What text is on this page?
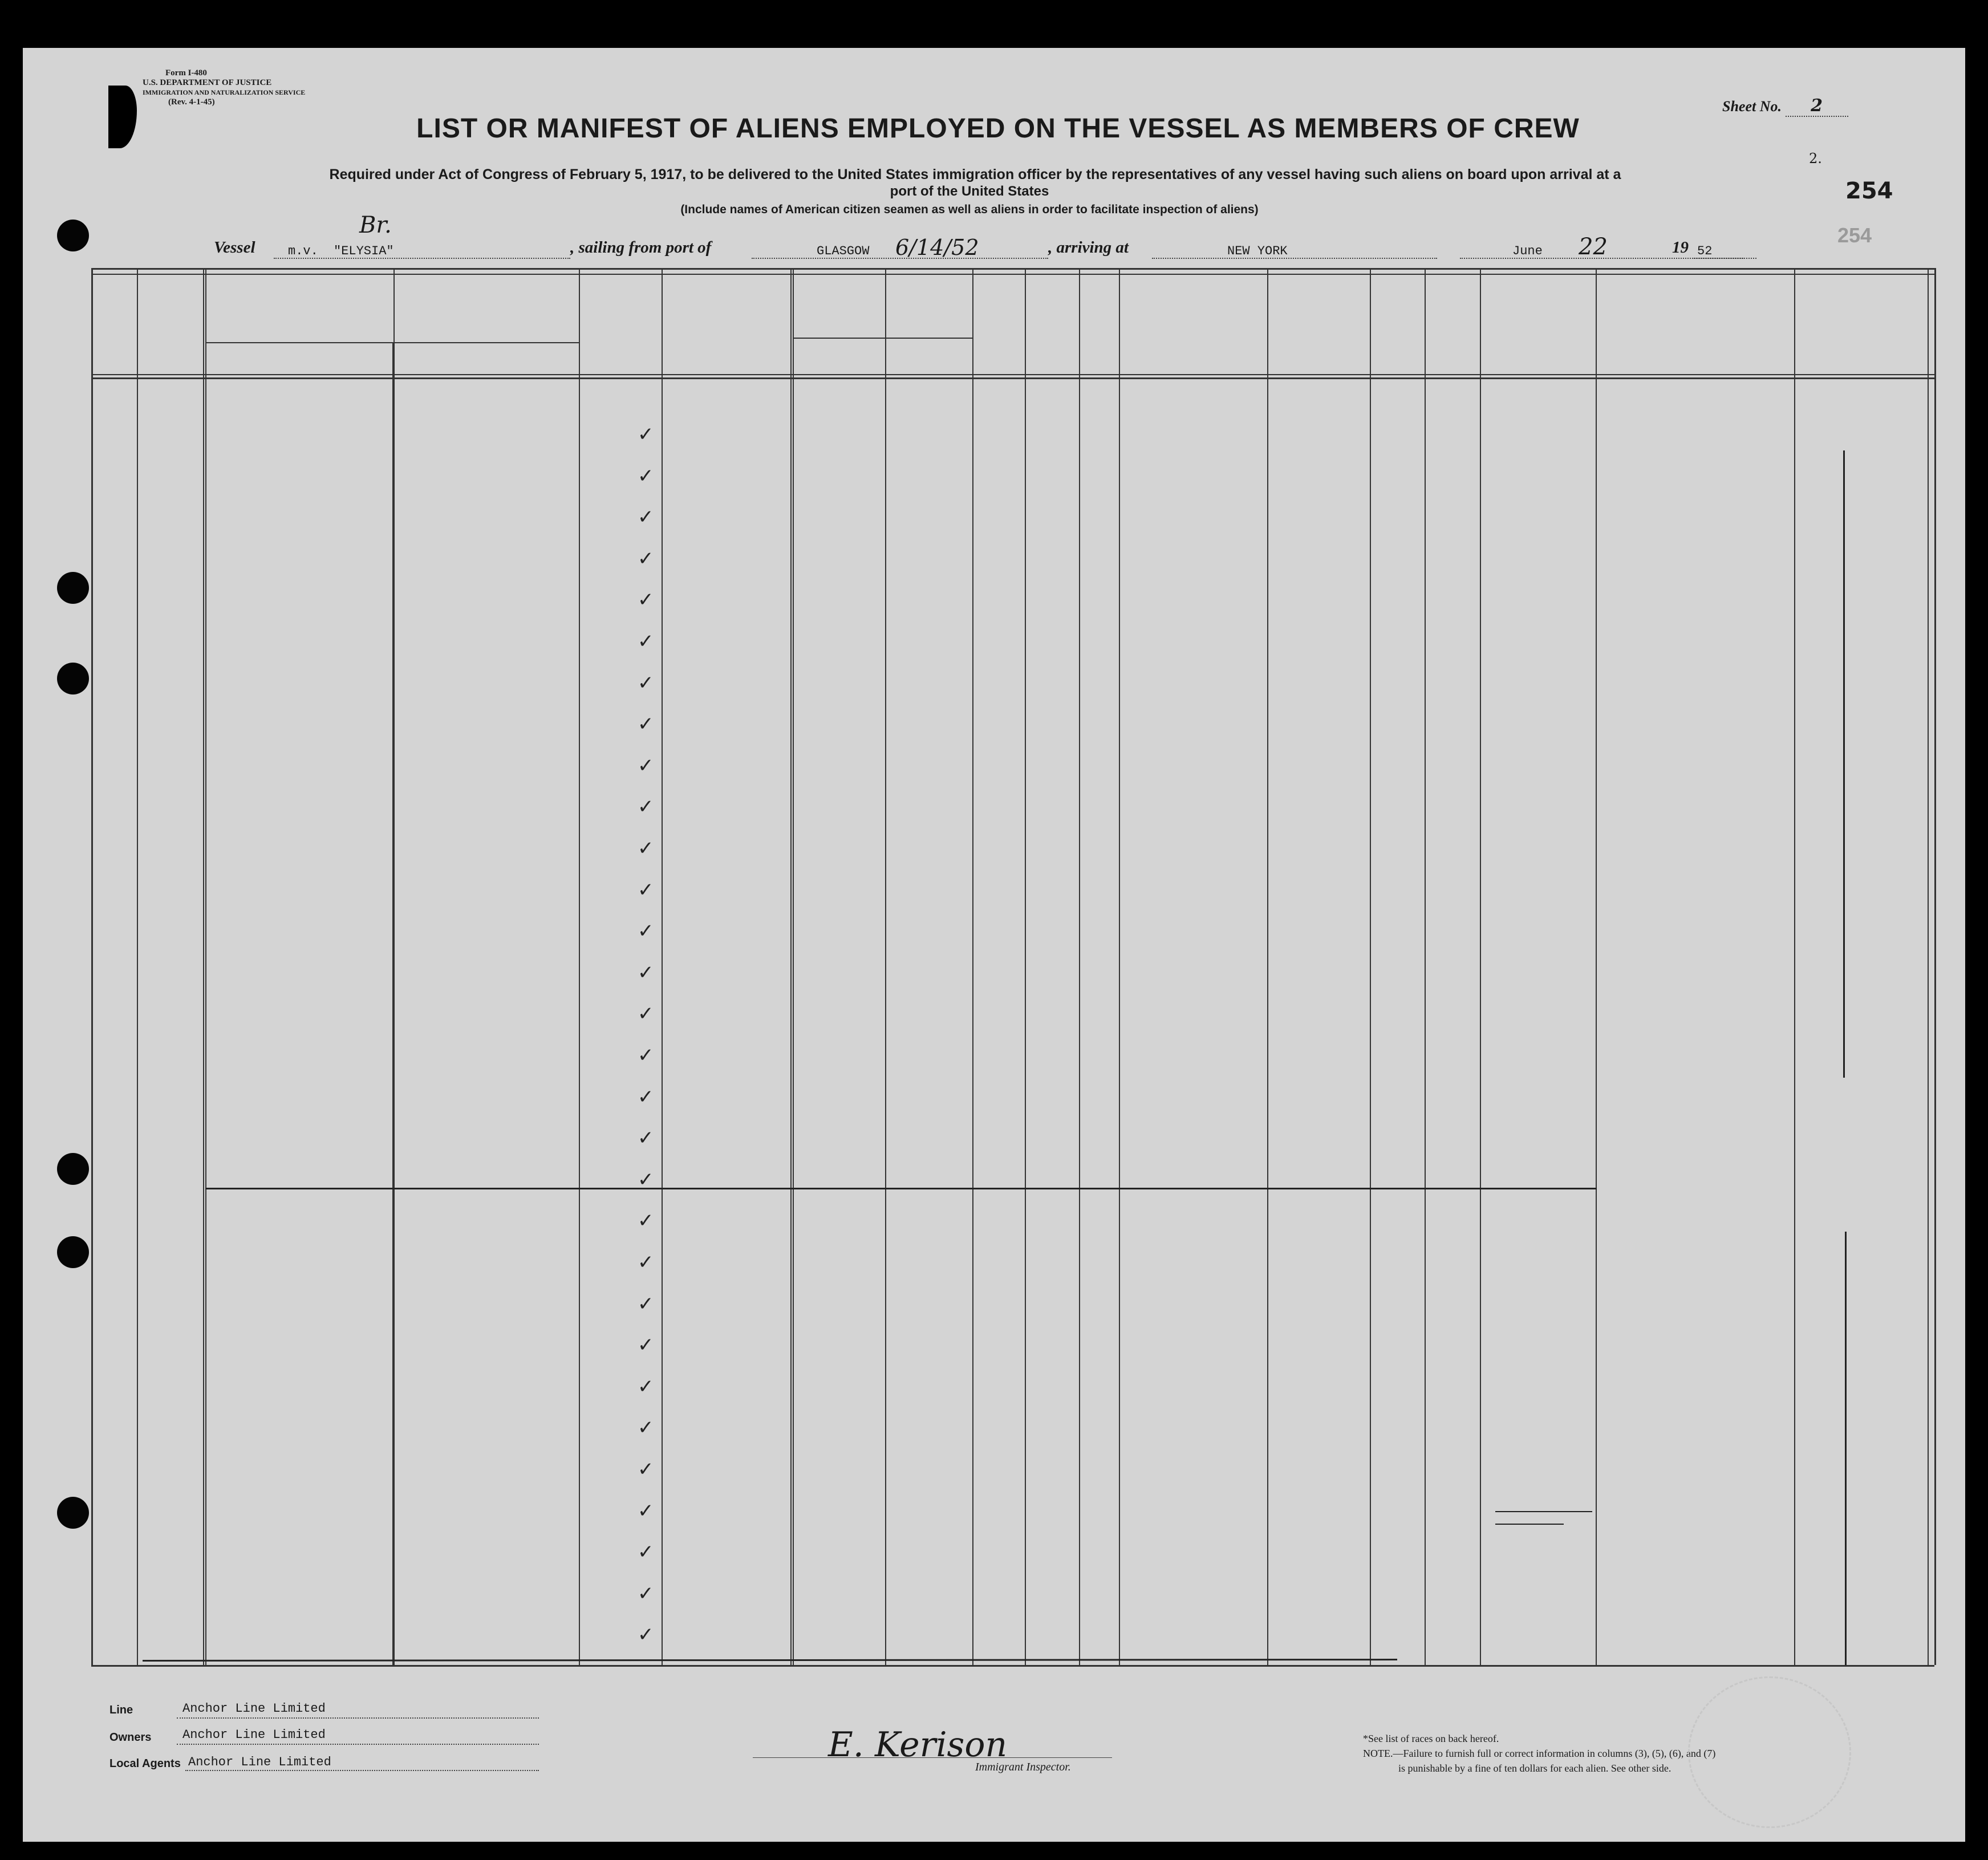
Form I-480
U.S. DEPARTMENT OF JUSTICE
IMMIGRATION AND NATURALIZATION SERVICE
(Rev. 4-1-45)	Sheet No. 2
LIST OR MANIFEST OF ALIENS EMPLOYED ON THE VESSEL AS MEMBERS OF CREW
Required under Act of Congress of February 5, 1917, to be delivered to the United States immigration officer by the representatives of any vessel having such aliens on board upon arrival at a
port of the United States
(Include names of American citizen seamen as well as aliens in order to facilitate inspection of aliens)
254
254
2.
Vessel	m.v. "ELYSIA"
Br.
, sailing from port of	GLASGOW 6/14/52	, arriving at	NEW YORK	June 22	19 52
✓
✓
✓
✓
✓
✓
✓
✓
✓
✓
✓
✓
✓
✓
✓
✓
✓
✓
✓
✓
✓
✓
✓
✓
✓
✓
✓
✓
✓
✓
Line	Anchor Line Limited
Owners Anchor Line Limited
Local Agents Anchor Line Limited	E. Kerison
Immigrant Inspector.
*See list of races on back hereof.
NOTE.—Failure to furnish full or correct information in columns (3), (5), (6), and (7)
is punishable by a fine of ten dollars for each alien. See other side.
